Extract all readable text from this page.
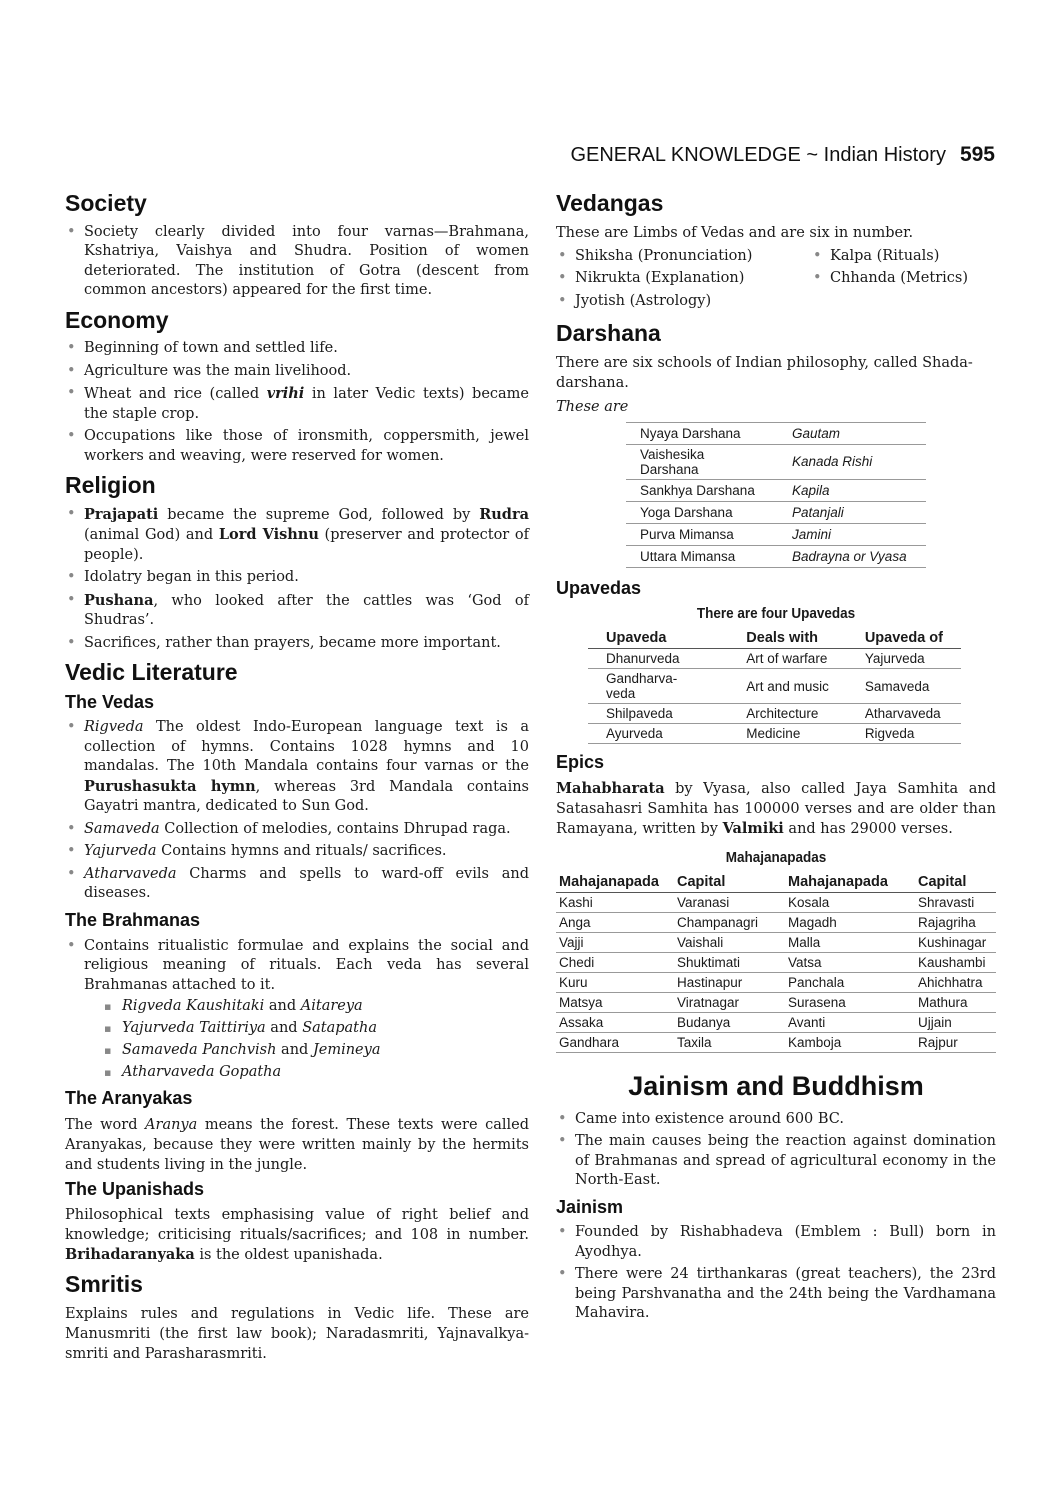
GENERAL KNOWLEDGE ~ Indian History 595
Society
• Society clearly divided into four varnas—Brahmana, Kshatriya, Vaishya and Shudra. Position of women deteriorated. The institution of Gotra (descent from common ancestors) appeared for the first time.
Economy
• Beginning of town and settled life.
• Agriculture was the main livelihood.
• Wheat and rice (called vrihi in later Vedic texts) became the staple crop.
• Occupations like those of ironsmith, coppersmith, jewel workers and weaving, were reserved for women.
Religion
• Prajapati became the supreme God, followed by Rudra (animal God) and Lord Vishnu (preserver and protector of people).
• Idolatry began in this period.
• Pushana, who looked after the cattles was ‘God of Shudras’.
• Sacrifices, rather than prayers, became more important.
Vedic Literature
The Vedas
• Rigveda The oldest Indo-European language text is a collection of hymns. Contains 1028 hymns and 10 mandalas. The 10th Mandala contains four varnas or the Purushasukta hymn, whereas 3rd Mandala contains Gayatri mantra, dedicated to Sun God.
• Samaveda Collection of melodies, contains Dhrupad raga.
• Yajurveda Contains hymns and rituals/ sacrifices.
• Atharvaveda Charms and spells to ward-off evils and diseases.
The Brahmanas
• Contains ritualistic formulae and explains the social and religious meaning of rituals. Each veda has several Brahmanas attached to it.
▪ Rigveda Kaushitaki and Aitareya
▪ Yajurveda Taittiriya and Satapatha
▪ Samaveda Panchvish and Jemineya
▪ Atharvaveda Gopatha
The Aranyakas

The word Aranya means the forest. These texts were called Aranyakas, because they were written mainly by the hermits and students living in the jungle.

The Upanishads

Philosophical texts emphasising value of right belief and knowledge; criticising rituals/sacrifices; and 108 in number. Brihadaranyaka is the oldest upanishada.

Smritis

Explains rules and regulations in Vedic life. These are Manusmriti (the first law book); Naradasmriti, Yajnavalkya- smriti and Parasharasmriti.

Vedangas

These are Limbs of Vedas and are six in number.

• Shiksha (Pronunciation)	• Kalpa (Rituals)
• Nikrukta (Explanation)	• Chhanda (Metrics)
• Jyotish (Astrology)
Darshana

There are six schools of Indian philosophy, called Shada-darshana.

These are

Nyaya Darshana	Gautam
Vaishesika Darshana	Kanada Rishi
Sankhya Darshana	Kapila
Yoga Darshana	Patanjali
Purva Mimansa	Jamini
Uttara Mimansa	Badrayna or Vyasa
Upavedas
There are four Upavedas
Upaveda	Deals with	Upaveda of
Dhanurveda	Art of warfare	Yajurveda
Gandharva- veda	Art and music	Samaveda
Shilpaveda	Architecture	Atharvaveda
Ayurveda	Medicine	Rigveda
Epics

Mahabharata by Vyasa, also called Jaya Samhita and Satasahasri Samhita has 100000 verses and are older than Ramayana, written by Valmiki and has 29000 verses.

Mahajanapadas
Mahajanapada	Capital	Mahajanapada	Capital
Kashi	Varanasi	Kosala	Shravasti
Anga	Champanagri	Magadh	Rajagriha
Vajji	Vaishali	Malla	Kushinagar
Chedi	Shuktimati	Vatsa	Kaushambi
Kuru	Hastinapur	Panchala	Ahichhatra
Matsya	Viratnagar	Surasena	Mathura
Assaka	Budanya	Avanti	Ujjain
Gandhara	Taxila	Kamboja	Rajpur
Jainism and Buddhism
• Came into existence around 600 BC.
• The main causes being the reaction against domination of Brahmanas and spread of agricultural economy in the North-East.
Jainism
• Founded by Rishabhadeva (Emblem : Bull) born in Ayodhya.
• There were 24 tirthankaras (great teachers), the 23rd being Parshvanatha and the 24th being the Vardhamana Mahavira.
